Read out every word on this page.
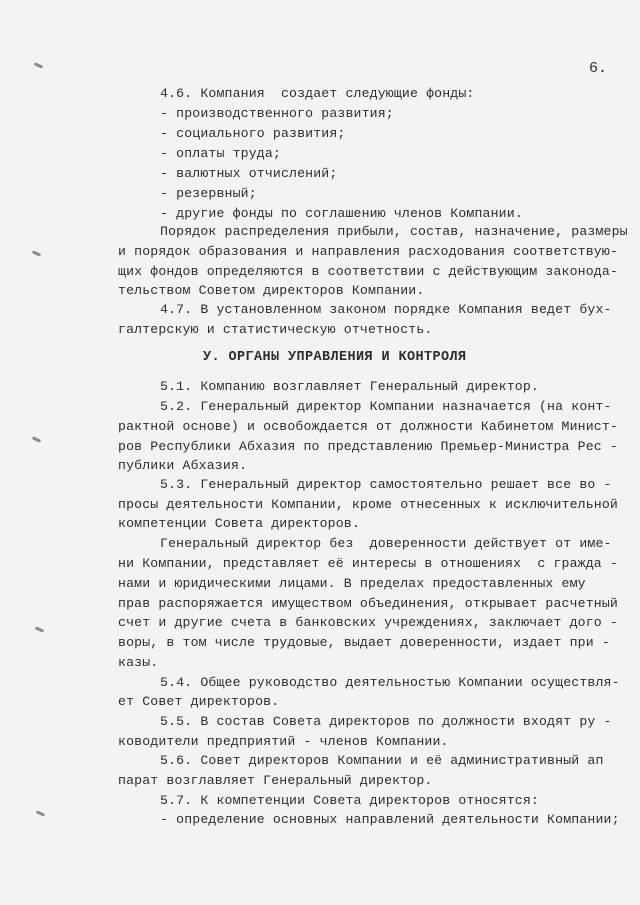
6.
4.6. Компания  создает следующие фонды:
- производственного развития;
- социального развития;
- оплаты труда;
- валютных отчислений;
- резервный;
- другие фонды по соглашению членов Компании.
Порядок распределения прибыли, состав, назначение, размеры
и порядок образования и направления расходования соответствую-
щих фондов определяются в соответствии с действующим законода-
тельством Советом директоров Компании.
4.7. В установленном законом порядке Компания ведет бух-
галтерскую и статистическую отчетность.
У. ОРГАНЫ УПРАВЛЕНИЯ И КОНТРОЛЯ
5.1. Компанию возглавляет Генеральный директор.
5.2. Генеральный директор Компании назначается (на конт-
рактной основе) и освобождается от должности Кабинетом Минист-
ров Республики Абхазия по представлению Премьер-Министра Рес -
публики Абхазия.
5.3. Генеральный директор самостоятельно решает все во -
просы деятельности Компании, кроме отнесенных к исключительной
компетенции Совета директоров.
Генеральный директор без  доверенности действует от име-
ни Компании, представляет её интересы в отношениях  с гражда -
нами и юридическими лицами. В пределах предоставленных ему
прав распоряжается имуществом объединения, открывает расчетный
счет и другие счета в банковских учреждениях, заключает дого -
воры, в том числе трудовые, выдает доверенности, издает при -
казы.
5.4. Общее руководство деятельностью Компании осуществля-
ет Совет директоров.
5.5. В состав Совета директоров по должности входят ру -
ководители предприятий - членов Компании.
5.6. Совет директоров Компании и её административный ап
парат возглавляет Генеральный директор.
5.7. К компетенции Совета директоров относятся:
- определение основных направлений деятельности Компании;
